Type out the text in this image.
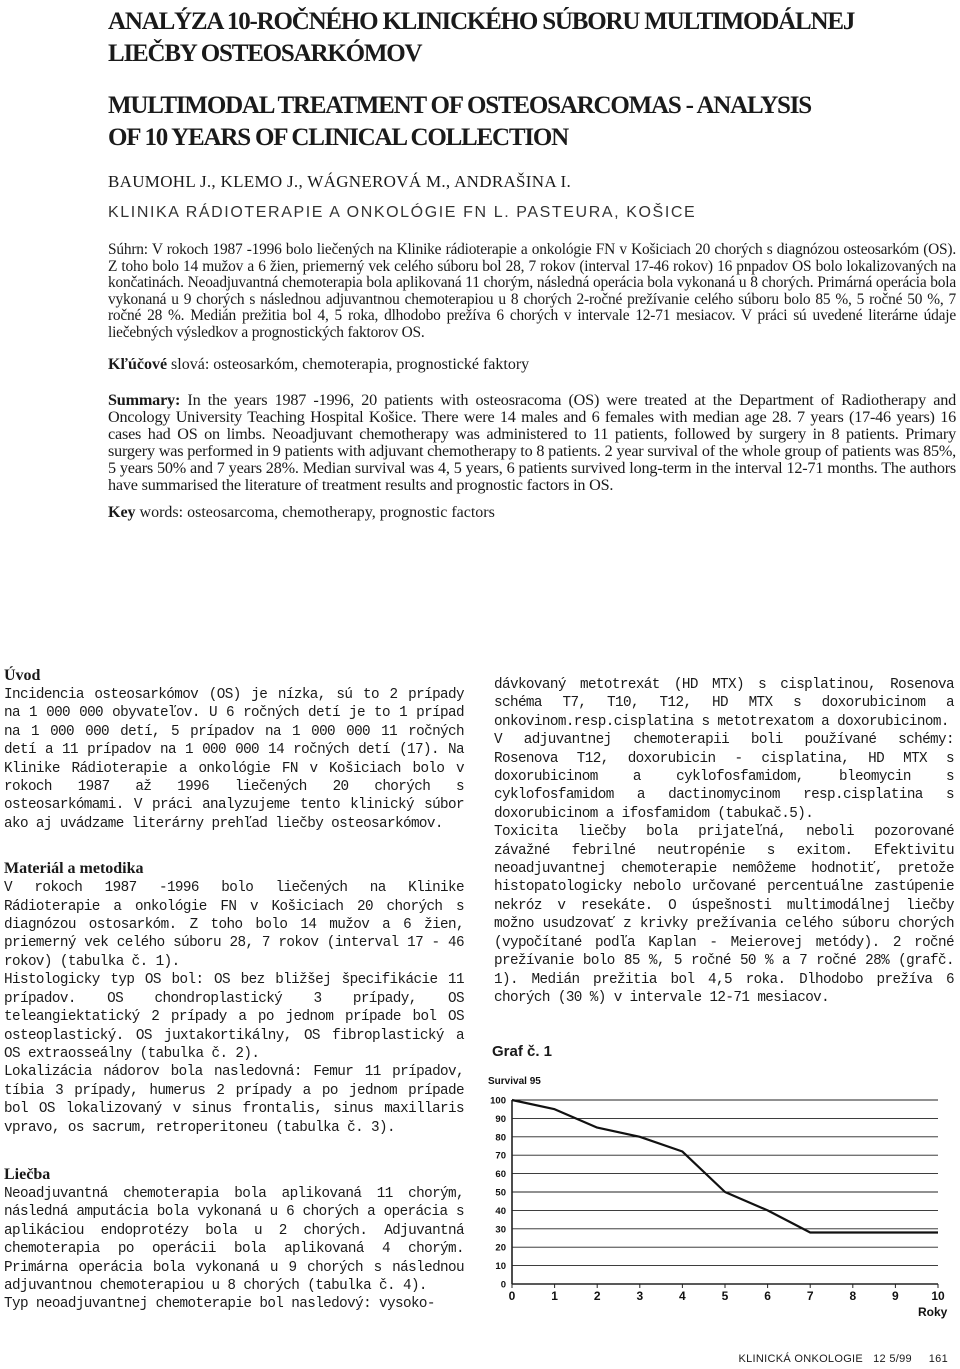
ANALÝZA 10-ROČNÉHO KLINICKÉHO SÚBORU MULTIMODÁLNEJ
LIEČBY OSTEOSARKÓMOV
MULTIMODAL TREATMENT OF OSTEOSARCOMAS - ANALYSIS
OF 10 YEARS OF CLINICAL COLLECTION
BAUMOHL J., KLEMO J., WÁGNEROVÁ M., ANDRAŠINA I.
KLINIKA RÁDIOTERAPIE A ONKOLÓGIE FN L. PASTEURA, KOŠICE

Súhrn: V rokoch 1987 -1996 bolo liečených na Klinike rádioterapie a onkológie FN v Košiciach 20 chorých s diagnózou osteosarkóm (OS). Z toho bolo 14 mužov a 6 žien, priemerný vek celého súboru bol 28, 7 rokov (interval 17-46 rokov) 16 pnpadov OS bolo lokalizovaných na končatinách. Neoadjuvantná chemoterapia bola aplikovaná 11 chorým, následná operácia bola vykonaná u 8 chorých. Primárná operácia bola vykonaná u 9 chorých s následnou adjuvantnou chemoterapiou u 8 chorých 2-ročné prežívanie celého súboru bolo 85 %, 5 ročné 50 %, 7 ročné 28 %. Medián prežitia bol 4, 5 roka, dlhodobo prežíva 6 chorých v intervale 12-71 mesiacov. V práci sú uvedené literárne údaje liečebných výsledkov a prognostických faktorov OS.

Kľúčové slová: osteosarkóm, chemoterapia, prognostické faktory

Summary: In the years 1987 -1996, 20 patients with osteosracoma (OS) were treated at the Department of Radiotherapy and Oncology University Teaching Hospital Košice. There were 14 males and 6 females with median age 28. 7 years (17-46 years) 16 cases had OS on limbs. Neoadjuvant chemotherapy was administered to 11 patients, followed by surgery in 8 patients. Primary surgery was performed in 9 patients with adjuvant chemotherapy to 8 patients. 2 year survival of the whole group of patients was 85%, 5 years 50% and 7 years 28%. Median survival was 4, 5 years, 6 patients survived long-term in the interval 12-71 months. The authors have summarised the literature of treatment results and prognostic factors in OS.

Key words: osteosarcoma, chemotherapy, prognostic factors
Úvod

Incidencia osteosarkómov (OS) je nízka, sú to 2 prípady na 1 000 000 obyvateľov. U 6 ročných detí je to 1 prípad na 1 000 000 detí, 5 prípadov na 1 000 000 11 ročných detí a 11 prípadov na 1 000 000 14 ročných detí (17). Na Klinike Rádioterapie a onkológie FN v Košiciach bolo v rokoch 1987 až 1996 liečených 20 chorých s osteosarkómami. V práci analyzujeme tento klinický súbor ako aj uvádzame literárny prehľad liečby osteosarkómov.

Materiál a metodika

V rokoch 1987 -1996 bolo liečených na Klinike Rádioterapie a onkológie FN v Košiciach 20 chorých s diagnózou ostosarkóm. Z toho bolo 14 mužov a 6 žien, priemerný vek celého súboru 28, 7 rokov (interval 17 - 46 rokov) (tabulka č. 1).

Histologicky typ OS bol: OS bez bližšej špecifikácie 11 prípadov. OS chondroplastický 3 prípady, OS teleangiektatický 2 prípady a po jednom prípade bol OS osteoplastický. OS juxtakortikálny, OS fibroplastický a OS extraosseálny (tabulka č. 2).

Lokalizácia nádorov bola nasledovná: Femur 11 prípadov, tíbia 3 prípady, humerus 2 prípady a po jednom prípade bol OS lokalizovaný v sinus frontalis, sinus maxillaris vpravo, os sacrum, retroperitoneu (tabulka č. 3).

Liečba

Neoadjuvantná chemoterapia bola aplikovaná 11 chorým, následná amputácia bola vykonaná u 6 chorých a operácia s aplikáciou endoprotézy bola u 2 chorých. Adjuvantná chemoterapia po operácii bola aplikovaná 4 chorým. Primárna operácia bola vykonaná u 9 chorých s následnou adjuvantnou chemoterapiou u 8 chorých (tabulka č. 4).

Typ neoadjuvantnej chemoterapie bol nasledový: vysoko-

dávkovaný metotrexát (HD MTX) s cisplatinou, Rosenova schéma T7, T10, T12, HD MTX s doxorubicinom a onkovinom.resp.cisplatina s metotrexatom a doxorubicinom.

V adjuvantnej chemoterapii boli používané schémy: Rosenova T12, doxorubicin - cisplatina, HD MTX s doxorubicinom a cyklofosfamidom, bleomycin s cyklofosfamidom a dactinomycinom resp.cisplatina s doxorubicinom a ifosfamidom (tabukač.5).

Toxicita liečby bola prijateľná, neboli pozorované závažné febrilné neutropénie s exitom. Efektivitu neoadjuvantnej chemoterapie nemôžeme hodnotiť, pretože histopatologicky nebolo určované percentuálne zastúpenie nekróz v resekáte. O úspešnosti multimodálnej liečby možno usudzovať z krivky prežívania celého súboru chorých (vypočítané podľa Kaplan - Meierovej metódy). 2 ročné prežívanie bolo 85 %, 5 ročné 50 % a 7 ročné 28% (grafč. 1). Medián prežitia bol 4,5 roka. Dlhodobo prežíva 6 chorých (30 %) v intervale 12-71 mesiacov.

Graf č. 1
100
90
80
70
60
50
40
30
20
10
0
0	1	2	3	4	5	6	7	8	9	10
Survival 95
Roky
KLINICKÁ ONKOLOGIE 12 5/99 161
